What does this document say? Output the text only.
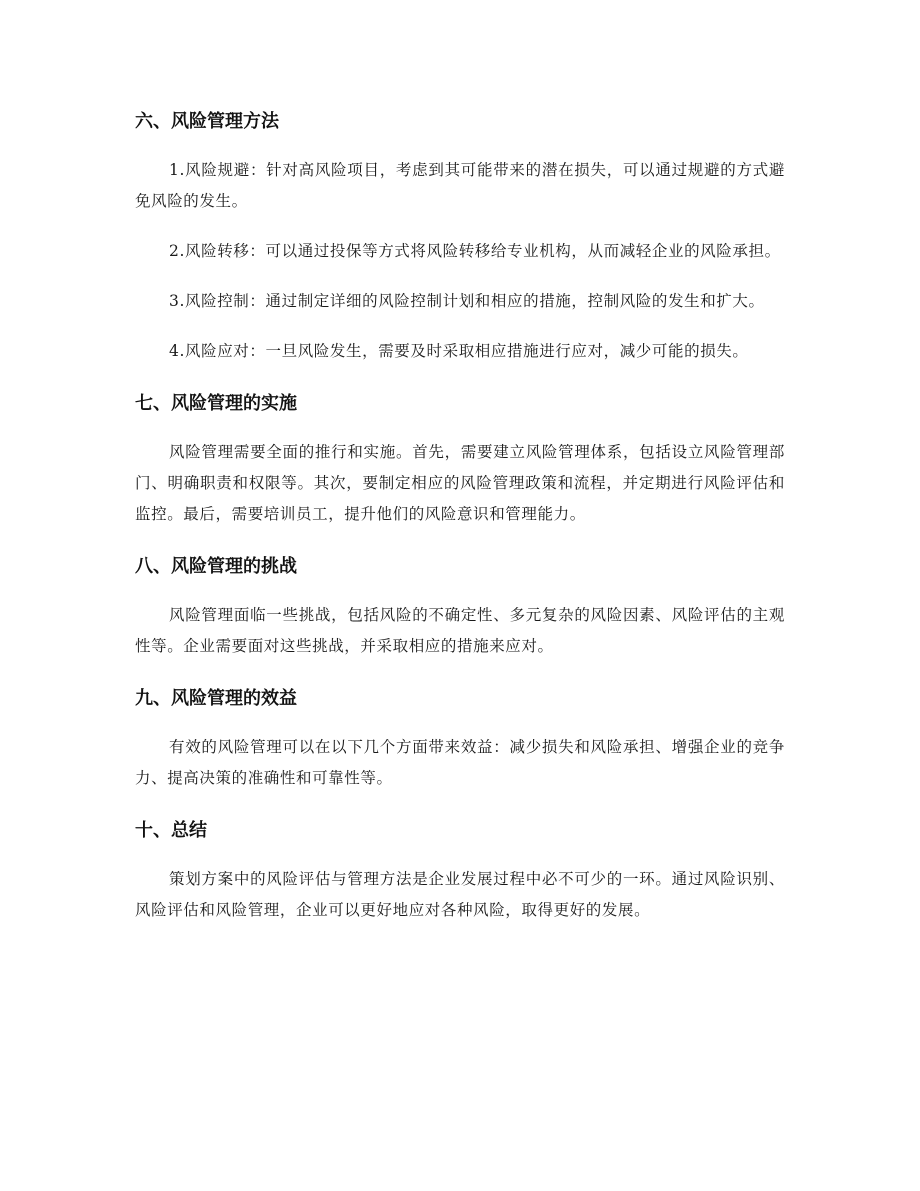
六、风险管理方法

1.风险规避：针对高风险项目，考虑到其可能带来的潜在损失，可以通过规避的方式避免风险的发生。

2.风险转移：可以通过投保等方式将风险转移给专业机构，从而减轻企业的风险承担。

3.风险控制：通过制定详细的风险控制计划和相应的措施，控制风险的发生和扩大。

4.风险应对：一旦风险发生，需要及时采取相应措施进行应对，减少可能的损失。

七、风险管理的实施

风险管理需要全面的推行和实施。首先，需要建立风险管理体系，包括设立风险管理部门、明确职责和权限等。其次，要制定相应的风险管理政策和流程，并定期进行风险评估和监控。最后，需要培训员工，提升他们的风险意识和管理能力。

八、风险管理的挑战

风险管理面临一些挑战，包括风险的不确定性、多元复杂的风险因素、风险评估的主观性等。企业需要面对这些挑战，并采取相应的措施来应对。

九、风险管理的效益

有效的风险管理可以在以下几个方面带来效益：减少损失和风险承担、增强企业的竞争力、提高决策的准确性和可靠性等。

十、总结

策划方案中的风险评估与管理方法是企业发展过程中必不可少的一环。通过风险识别、风险评估和风险管理，企业可以更好地应对各种风险，取得更好的发展。
